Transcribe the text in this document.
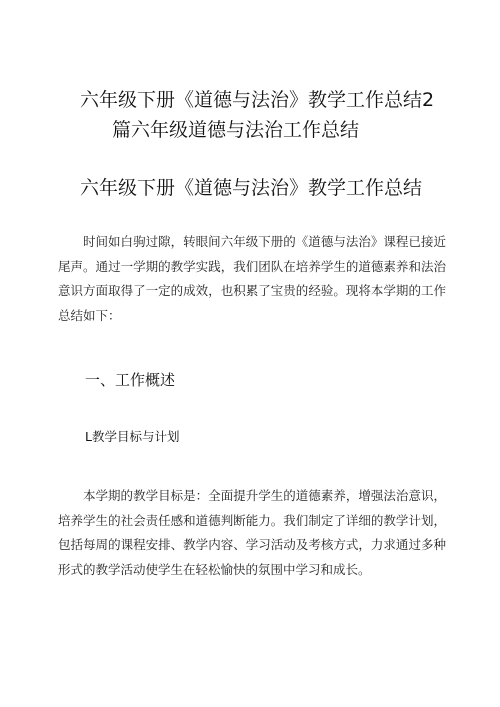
六年级下册《道德与法治》教学工作总结2
篇六年级道德与法治工作总结
六年级下册《道德与法治》教学工作总结
时间如白驹过隙，转眼间六年级下册的《道德与法治》课程已接近尾声。通过一学期的教学实践，我们团队在培养学生的道德素养和法治意识方面取得了一定的成效，也积累了宝贵的经验。现将本学期的工作总结如下：
一、工作概述
L教学目标与计划
本学期的教学目标是：全面提升学生的道德素养，增强法治意识，培养学生的社会责任感和道德判断能力。我们制定了详细的教学计划，包括每周的课程安排、教学内容、学习活动及考核方式，力求通过多种形式的教学活动使学生在轻松愉快的氛围中学习和成长。
